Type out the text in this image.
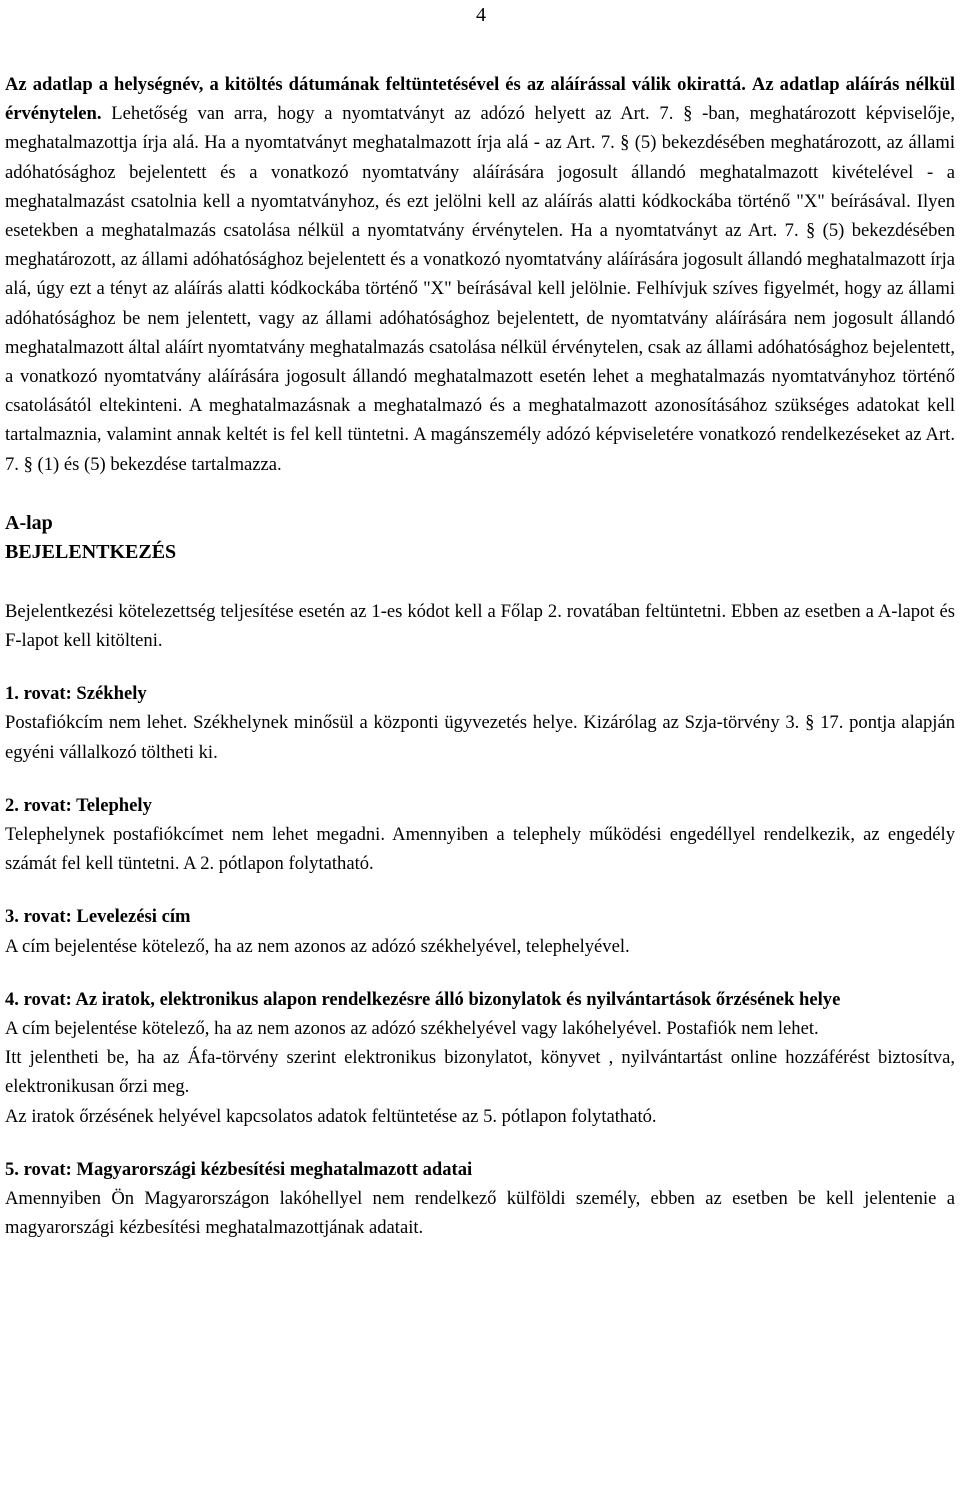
4

Az adatlap a helységnév, a kitöltés dátumának feltüntetésével és az aláírással válik okirattá. Az adatlap aláírás nélkül érvénytelen. Lehetőség van arra, hogy a nyomtatványt az adózó helyett az Art. 7. § -ban, meghatározott képviselője, meghatalmazottja írja alá. Ha a nyomtatványt meghatalmazott írja alá - az Art. 7. § (5) bekezdésében meghatározott, az állami adóhatósághoz bejelentett és a vonatkozó nyomtatvány aláírására jogosult állandó meghatalmazott kivételével - a meghatalmazást csatolnia kell a nyomtatványhoz, és ezt jelölni kell az aláírás alatti kódkockába történő "X" beírásával. Ilyen esetekben a meghatalmazás csatolása nélkül a nyomtatvány érvénytelen. Ha a nyomtatványt az Art. 7. § (5) bekezdésében meghatározott, az állami adóhatósághoz bejelentett és a vonatkozó nyomtatvány aláírására jogosult állandó meghatalmazott írja alá, úgy ezt a tényt az aláírás alatti kódkockába történő "X" beírásával kell jelölnie. Felhívjuk szíves figyelmét, hogy az állami adóhatósághoz be nem jelentett, vagy az állami adóhatósághoz bejelentett, de nyomtatvány aláírására nem jogosult állandó meghatalmazott által aláírt nyomtatvány meghatalmazás csatolása nélkül érvénytelen, csak az állami adóhatósághoz bejelentett, a vonatkozó nyomtatvány aláírására jogosult állandó meghatalmazott esetén lehet a meghatalmazás nyomtatványhoz történő csatolásától eltekinteni. A meghatalmazásnak a meghatalmazó és a meghatalmazott azonosításához szükséges adatokat kell tartalmaznia, valamint annak keltét is fel kell tüntetni. A magánszemély adózó képviseletére vonatkozó rendelkezéseket az Art. 7. § (1) és (5) bekezdése tartalmazza.

A-lap

BEJELENTKEZÉS

Bejelentkezési kötelezettség teljesítése esetén az 1-es kódot kell a Főlap 2. rovatában feltüntetni. Ebben az esetben a A-lapot és F-lapot kell kitölteni.

1. rovat: Székhely

Postafiókcím nem lehet. Székhelynek minősül a központi ügyvezetés helye. Kizárólag az Szja-törvény 3. § 17. pontja alapján egyéni vállalkozó töltheti ki.

2. rovat: Telephely

Telephelynek postafiókcímet nem lehet megadni. Amennyiben a telephely működési engedéllyel rendelkezik, az engedély számát fel kell tüntetni. A 2. pótlapon folytatható.

3. rovat: Levelezési cím

A cím bejelentése kötelező, ha az nem azonos az adózó székhelyével, telephelyével.

4. rovat: Az iratok, elektronikus alapon rendelkezésre álló bizonylatok és nyilvántartások őrzésének helye

A cím bejelentése kötelező, ha az nem azonos az adózó székhelyével vagy lakóhelyével. Postafiók nem lehet.

Itt jelentheti be, ha az Áfa-törvény szerint elektronikus bizonylatot, könyvet , nyilvántartást online hozzáférést biztosítva, elektronikusan őrzi meg.

Az iratok őrzésének helyével kapcsolatos adatok feltüntetése az 5. pótlapon folytatható.

5. rovat: Magyarországi kézbesítési meghatalmazott adatai

Amennyiben Ön Magyarországon lakóhellyel nem rendelkező külföldi személy, ebben az esetben be kell jelentenie a magyarországi kézbesítési meghatalmazottjának adatait.
